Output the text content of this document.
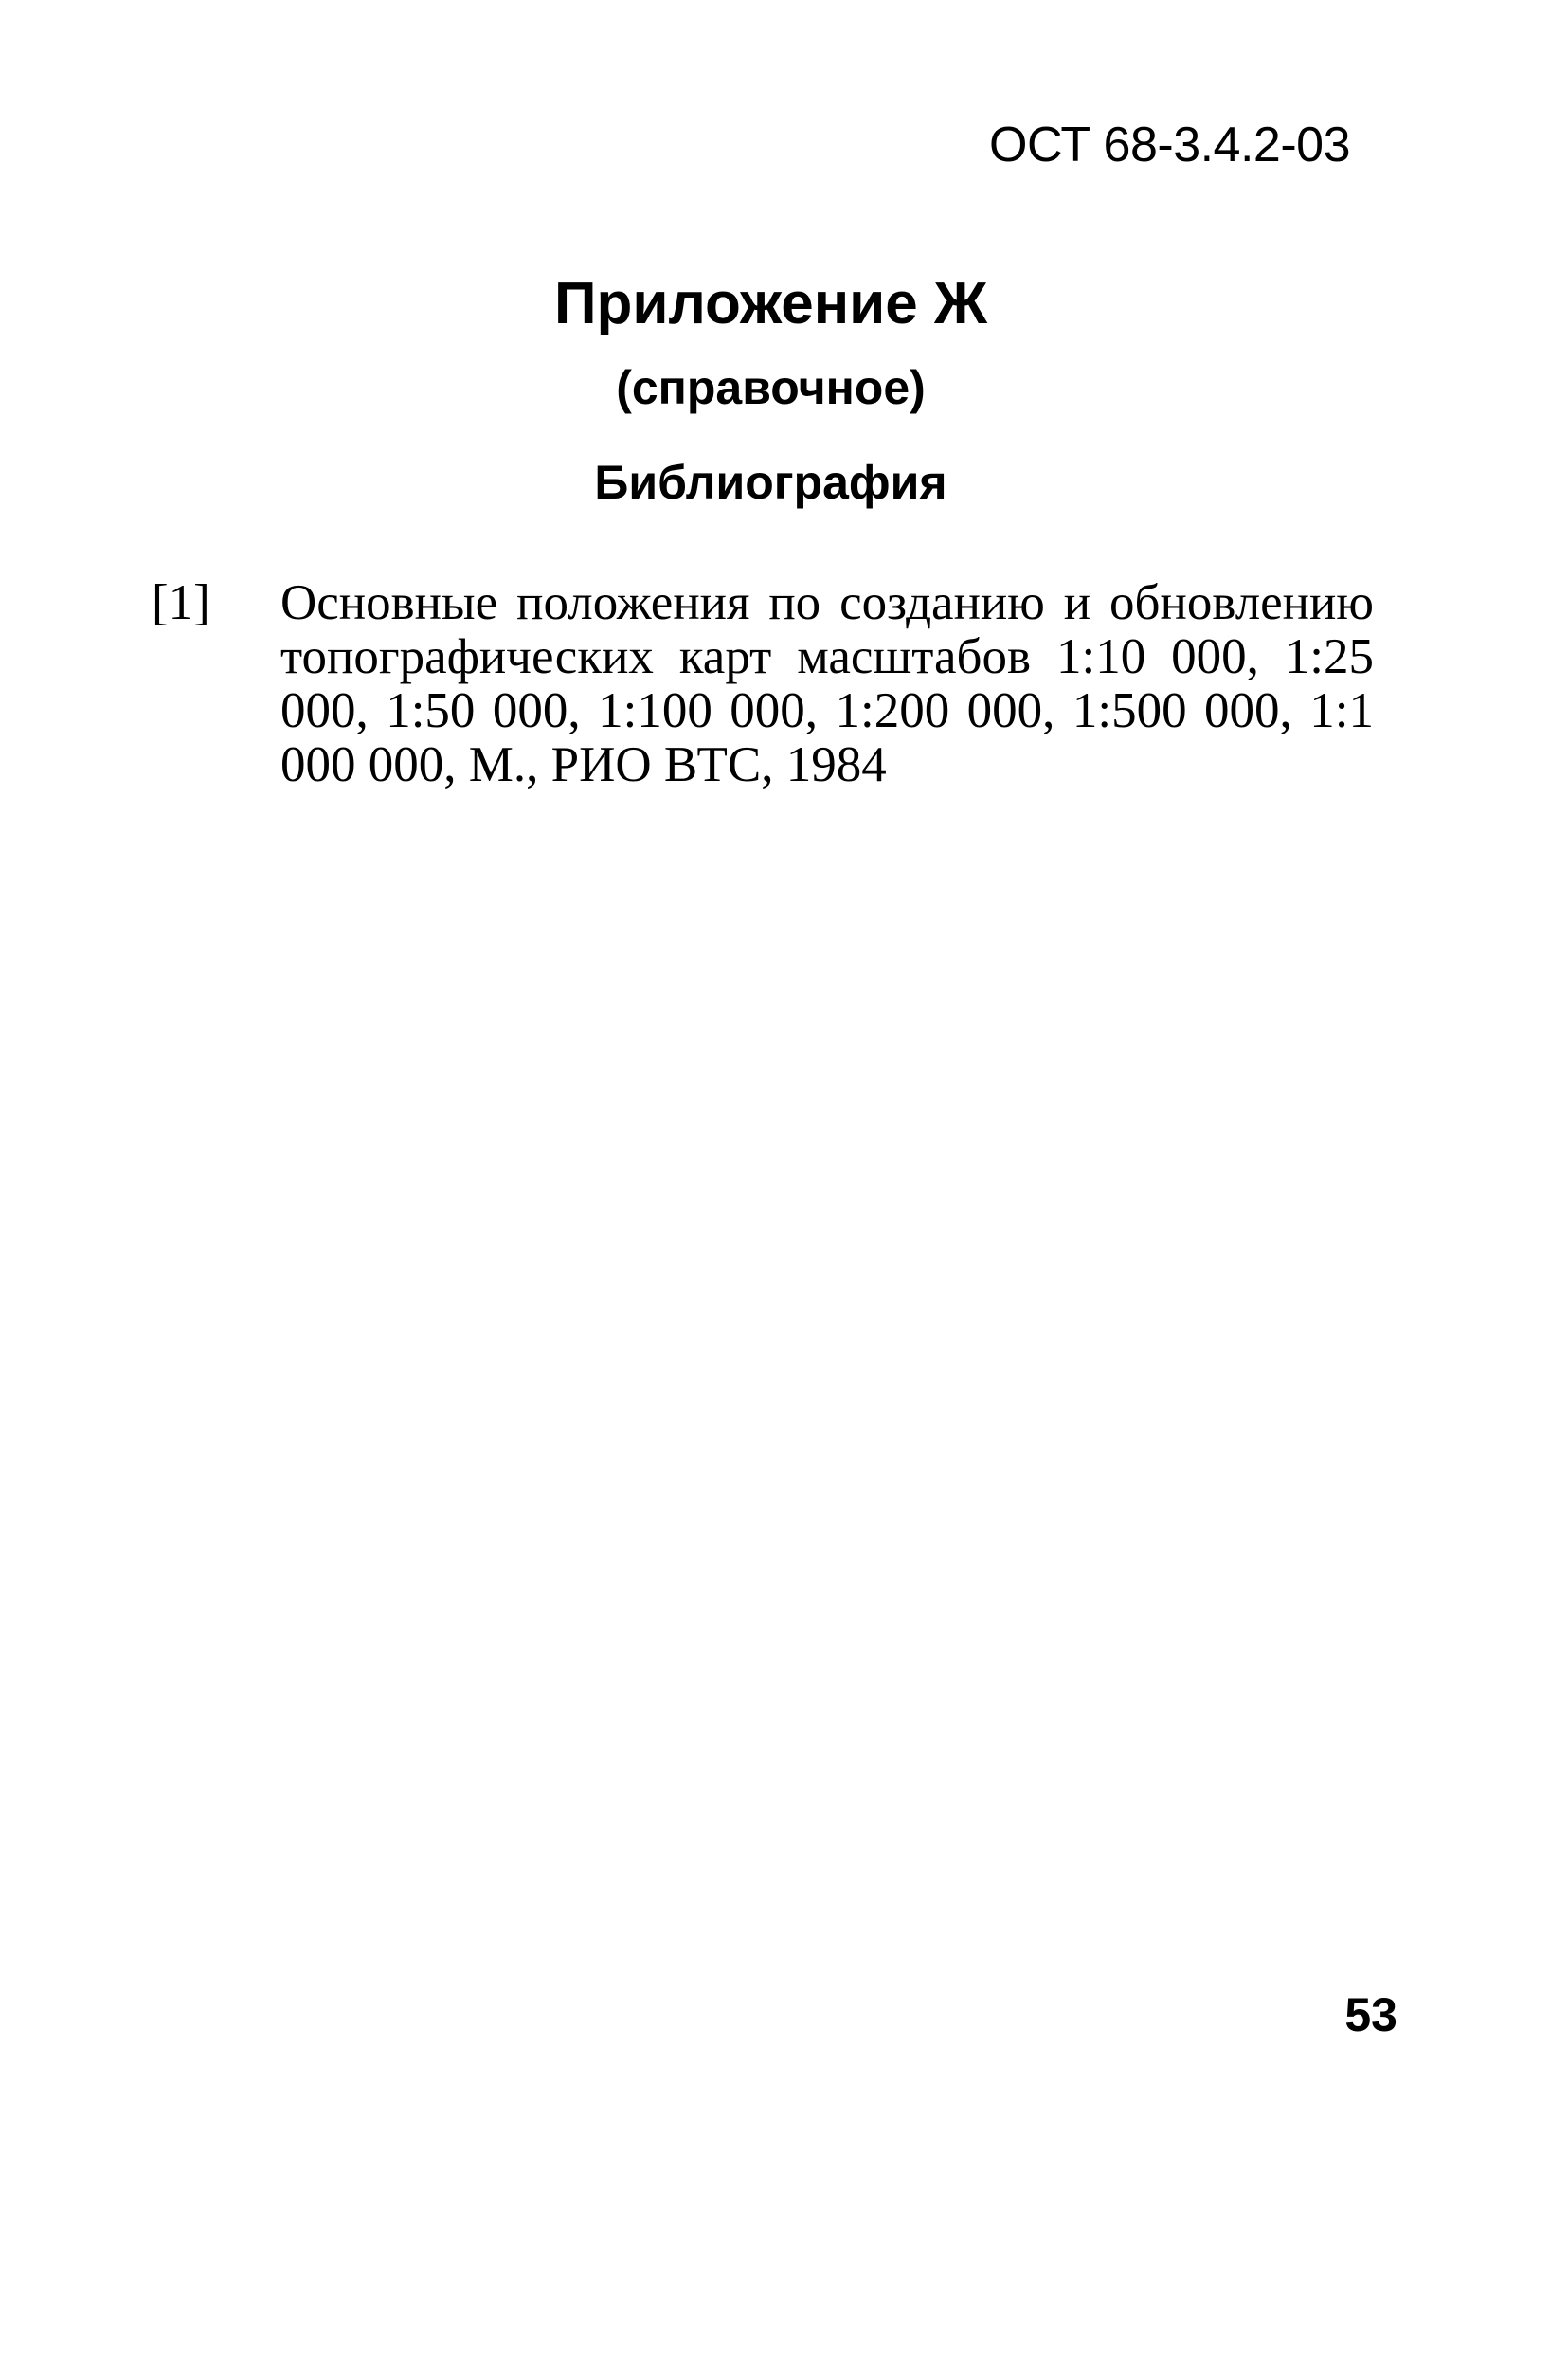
ОСТ 68-3.4.2-03
Приложение Ж
(справочное)
Библиография
[1] Основные положения по созданию и обновлению топографических карт масштабов 1:10 000, 1:25 000, 1:50 000, 1:100 000, 1:200 000, 1:500 000, 1:1 000 000, М., РИО ВТС, 1984
53
